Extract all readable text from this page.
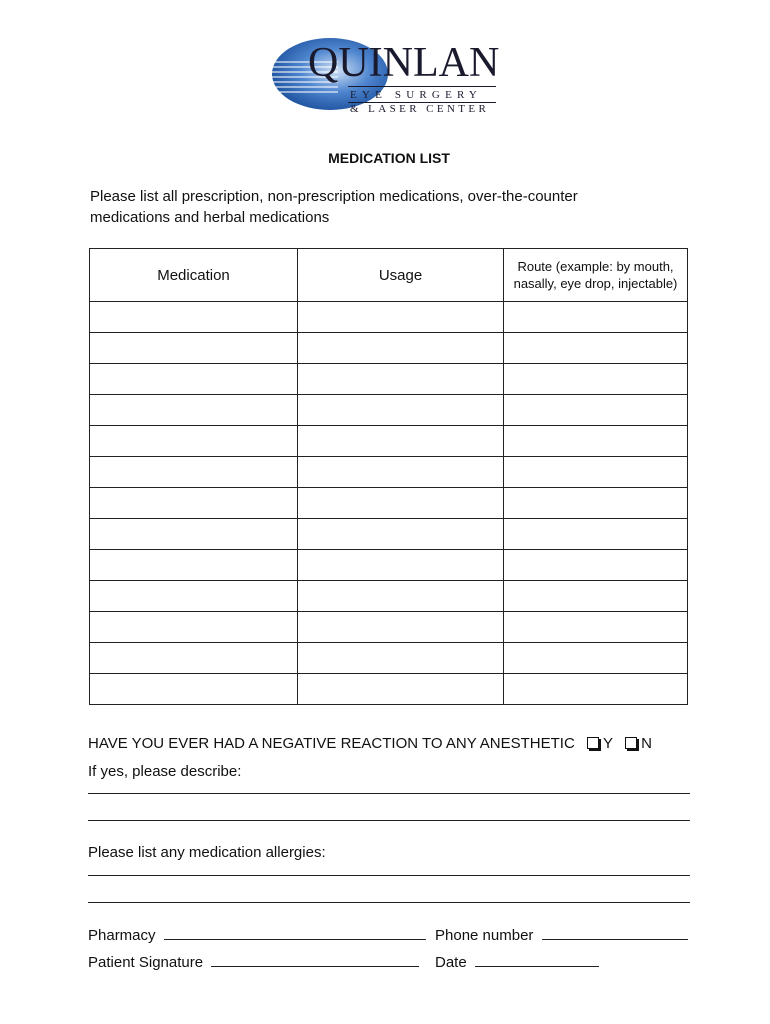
QUINLAN
EYE SURGERY
& LASER CENTER
MEDICATION LIST
Please list all prescription, non-prescription medications, over-the-counter medications and herbal medications
Medication	Usage	Route (example: by mouth, nasally, eye drop, injectable)

HAVE YOU EVER HAD A NEGATIVE REACTION TO ANY ANESTHETIC Y N
If yes, please describe:
Please list any medication allergies:
Pharmacy	Phone number
Patient Signature	Date
